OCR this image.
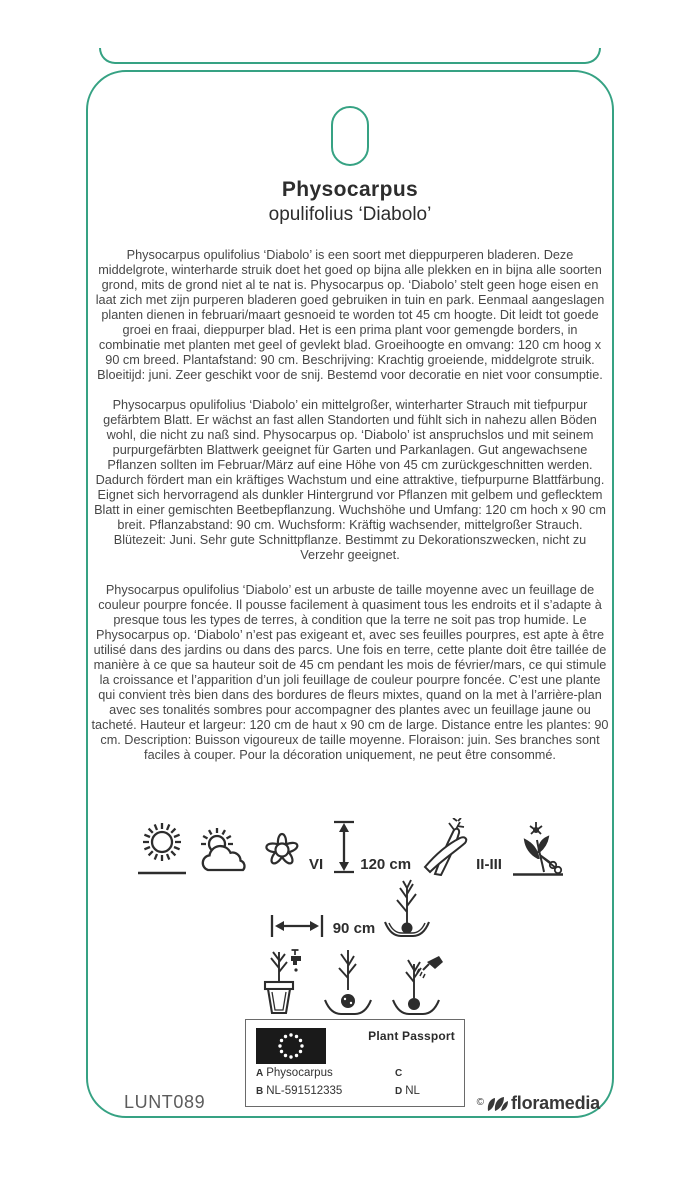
Physocarpus
opulifolius ‘Diabolo’
Physocarpus opulifolius ‘Diabolo’ is een soort met dieppurperen bladeren. Deze middelgrote, winterharde struik doet het goed op bijna alle plekken en in bijna alle soorten grond, mits de grond niet al te nat is. Physocarpus op. ‘Diabolo’ stelt geen hoge eisen en laat zich met zijn purperen bladeren goed gebruiken in tuin en park. Eenmaal aangeslagen planten dienen in februari/maart gesnoeid te worden tot 45 cm hoogte. Dit leidt tot goede groei en fraai, dieppurper blad. Het is een prima plant voor gemengde borders, in combinatie met planten met geel of gevlekt blad. Groeihoogte en omvang: 120 cm hoog x 90 cm breed. Plantafstand: 90 cm. Beschrijving: Krachtig groeiende, middelgrote struik. Bloeitijd: juni. Zeer geschikt voor de snij. Bestemd voor decoratie en niet voor consumptie.
Physocarpus opulifolius ‘Diabolo’ ein mittelgroßer, winterharter Strauch mit tiefpurpur gefärbtem Blatt. Er wächst an fast allen Standorten und fühlt sich in nahezu allen Böden wohl, die nicht zu naß sind. Physocarpus op. ‘Diabolo’ ist anspruchslos und mit seinem purpurgefärbten Blattwerk geeignet für Garten und Parkanlagen. Gut angewachsene Pflanzen sollten im Februar/März auf eine Höhe von 45 cm zurückgeschnitten werden. Dadurch fördert man ein kräftiges Wachstum und eine attraktive, tiefpurpurne Blattfärbung. Eignet sich hervorragend als dunkler Hintergrund vor Pflanzen mit gelbem und geflecktem Blatt in einer gemischten Beetbepflanzung. Wuchshöhe und Umfang: 120 cm hoch x 90 cm breit. Pflanzabstand: 90 cm. Wuchsform: Kräftig wachsender, mittelgroßer Strauch. Blütezeit: Juni. Sehr gute Schnittpflanze. Bestimmt zu Dekorationszwecken, nicht zu Verzehr geeignet.
Physocarpus opulifolius ‘Diabolo’ est un arbuste de taille moyenne avec un feuillage de couleur pourpre foncée. Il pousse facilement à quasiment tous les endroits et il s’adapte à presque tous les types de terres, à condition que la terre ne soit pas trop humide. Le Physocarpus op. ‘Diabolo’ n’est pas exigeant et, avec ses feuilles pourpres, est apte à être utilisé dans des jardins ou dans des parcs. Une fois en terre, cette plante doit être taillée de manière à ce que sa hauteur soit de 45 cm pendant les mois de février/mars, ce qui stimule la croissance et l’apparition d’un joli feuillage de couleur pourpre foncée. C’est une plante qui convient très bien dans des bordures de fleurs mixtes, quand on la met à l’arrière-plan avec ses tonalités sombres pour accompagner des plantes avec un feuillage jaune ou tacheté. Hauteur et largeur: 120 cm de haut x 90 cm de large. Distance entre les plantes: 90 cm. Description: Buisson vigoureux de taille moyenne. Floraison: juin. Ses branches sont faciles à couper. Pour la décoration uniquement, ne peut être consommé.
VI 120 cm	II-III
90 cm
Plant Passport
A Physocarpus
B NL-591512335
C
D NL
LUNT089	© floramedia
